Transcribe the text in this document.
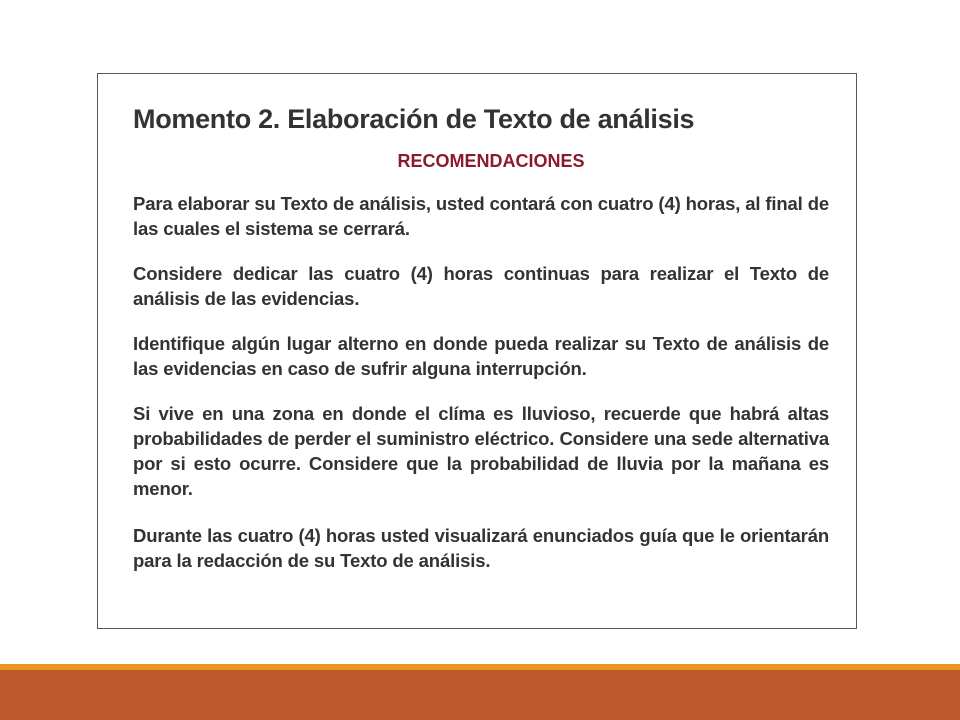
Momento 2. Elaboración de Texto de análisis
RECOMENDACIONES

Para elaborar su Texto de análisis, usted contará con cuatro (4) horas, al final de las cuales el sistema se cerrará.

Considere dedicar las cuatro (4) horas continuas para realizar el Texto de análisis de las evidencias.

Identifique algún lugar alterno en donde pueda realizar su Texto de análisis de las evidencias en caso de sufrir alguna interrupción.

Si vive en una zona en donde el clíma es lluvioso, recuerde que habrá altas probabilidades de perder el suministro eléctrico. Considere una sede alternativa por si esto ocurre. Considere que la probabilidad de lluvia por la mañana es menor.

Durante las cuatro (4) horas usted visualizará enunciados guía que le orientarán para la redacción de su Texto de análisis.
